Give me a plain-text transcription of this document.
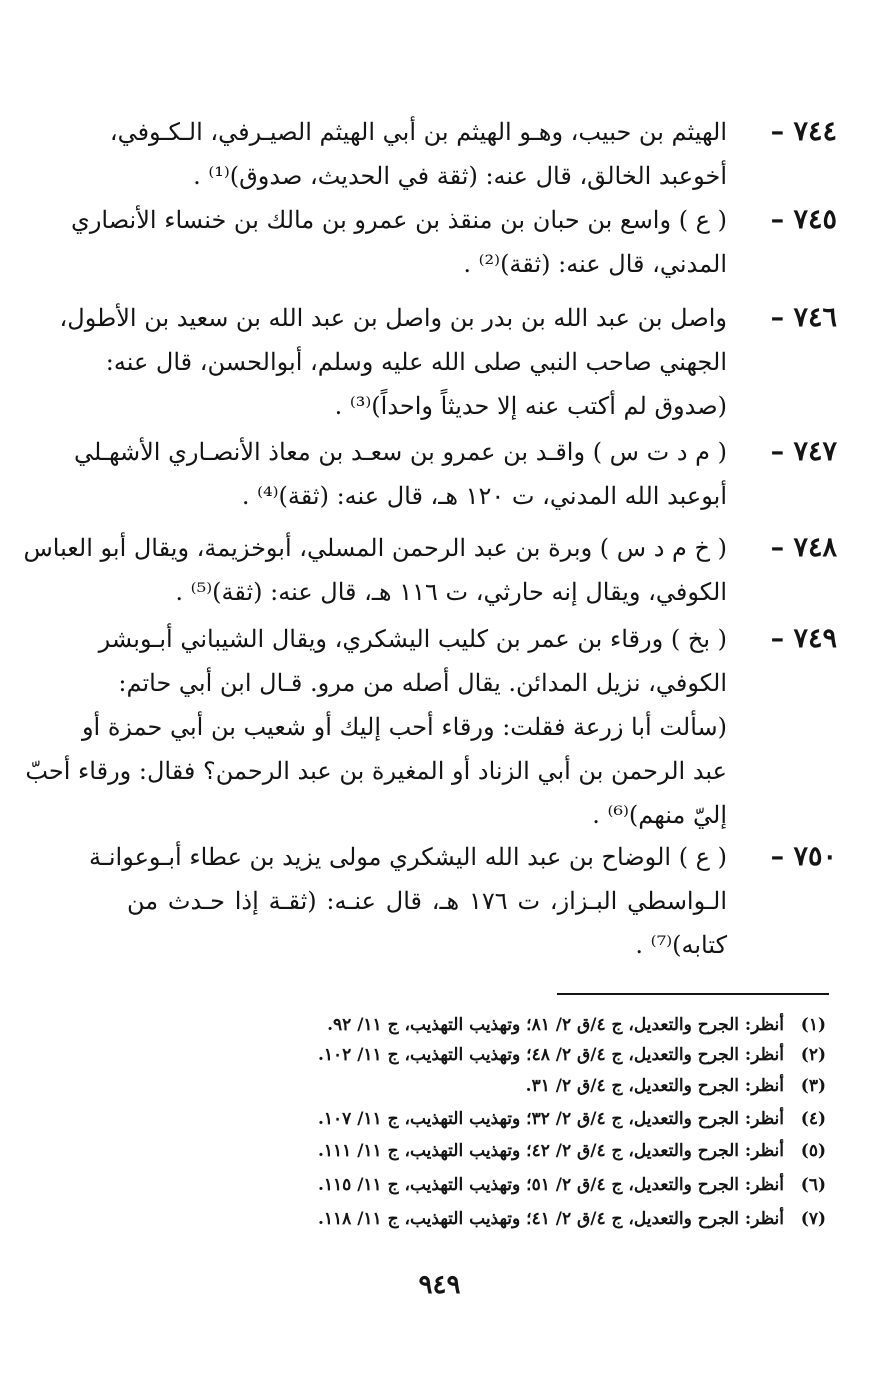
٧٤٤ –
الهيثم بن حبيب، وهـو الهيثم بن أبي الهيثم الصيـرفي، الـكـوفي،
أخوعبد الخالق، قال عنه: (ثقة في الحديث، صدوق)⁽¹⁾ .
٧٤٥ –
( ع ) واسع بن حبان بن منقذ بن عمرو بن مالك بن خنساء الأنصاري
المدني، قال عنه: (ثقة)⁽²⁾ .
٧٤٦ –
واصل بن عبد الله بن بدر بن واصل بن عبد الله بن سعيد بن الأطول،
الجهني صاحب النبي صلى الله عليه وسلم، أبوالحسن، قال عنه:
(صدوق لم أكتب عنه إلا حديثاً واحداً)⁽³⁾ .
٧٤٧ –
( م د ت س ) واقـد بن عمرو بن سعـد بن معاذ الأنصـاري الأشهـلي
أبوعبد الله المدني، ت ١٢٠ هـ، قال عنه: (ثقة)⁽⁴⁾ .
٧٤٨ –
( خ م د س ) وبرة بن عبد الرحمن المسلي، أبوخزيمة، ويقال أبو العباس
الكوفي، ويقال إنه حارثي، ت ١١٦ هـ، قال عنه: (ثقة)⁽⁵⁾ .
٧٤٩ –
( بخ ) ورقاء بن عمر بن كليب اليشكري، ويقال الشيباني أبـوبشر
الكوفي، نزيل المدائن. يقال أصله من مرو. قـال ابن أبي حاتم:
(سألت أبا زرعة فقلت: ورقاء أحب إليك أو شعيب بن أبي حمزة أو
عبد الرحمن بن أبي الزناد أو المغيرة بن عبد الرحمن؟ فقال: ورقاء أحبّ
إليّ منهم)⁽⁶⁾ .
٧٥٠ –
( ع ) الوضاح بن عبد الله اليشكري مولى يزيد بن عطاء أبـوعوانـة
الـواسطي البـزاز، ت ١٧٦ هـ، قال عنـه: (ثقـة إذا حـدث من
كتابه)⁽⁷⁾ .
(١)أنظر: الجرح والتعديل، ج ٤/ق ٢/ ٨١؛ وتهذيب التهذيب، ج ١١/ ٩٢.
(٢)أنظر: الجرح والتعديل، ج ٤/ق ٢/ ٤٨؛ وتهذيب التهذيب، ج ١١/ ١٠٢.
(٣)أنظر: الجرح والتعديل، ج ٤/ق ٢/ ٣١.
(٤)أنظر: الجرح والتعديل، ج ٤/ق ٢/ ٣٢؛ وتهذيب التهذيب، ج ١١/ ١٠٧.
(٥)أنظر: الجرح والتعديل، ج ٤/ق ٢/ ٤٢؛ وتهذيب التهذيب، ج ١١/ ١١١.
(٦)أنظر: الجرح والتعديل، ج ٤/ق ٢/ ٥١؛ وتهذيب التهذيب، ج ١١/ ١١٥.
(٧)أنظر: الجرح والتعديل، ج ٤/ق ٢/ ٤١؛ وتهذيب التهذيب، ج ١١/ ١١٨.
٩٤٩
